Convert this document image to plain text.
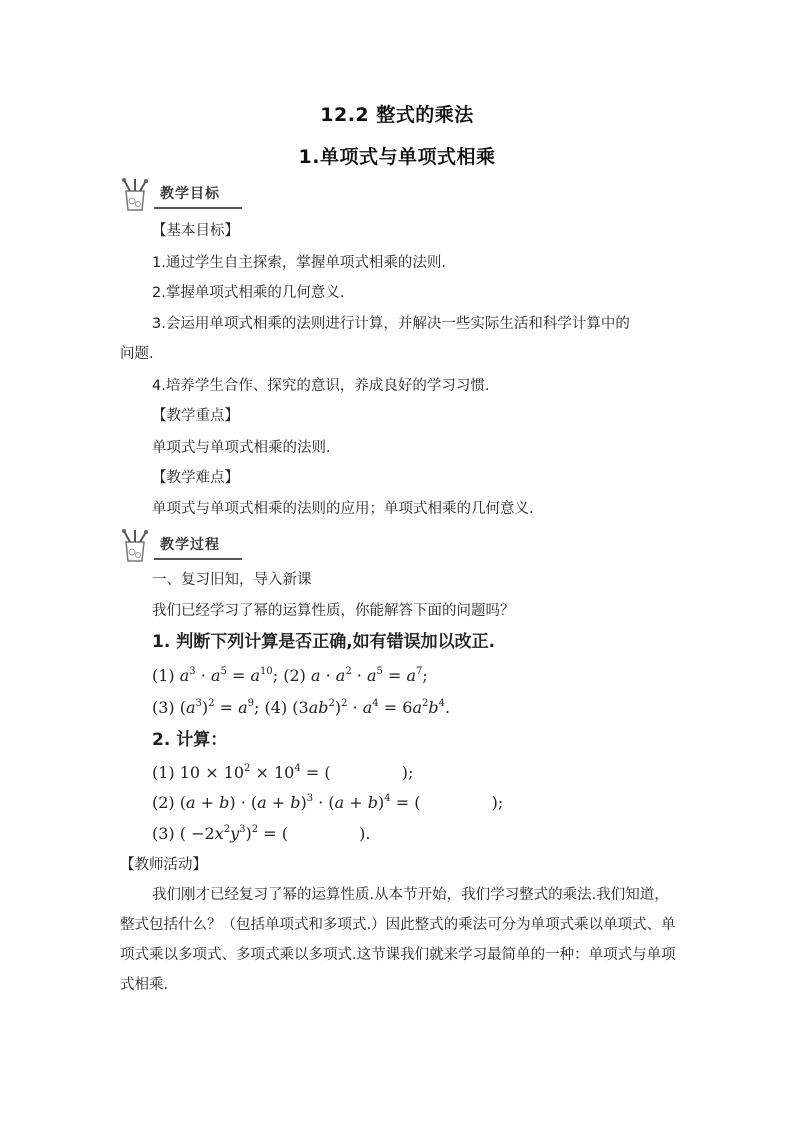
12.2 整式的乘法
1.单项式与单项式相乘
教学目标
【基本目标】
1.通过学生自主探索，掌握单项式相乘的法则.
2.掌握单项式相乘的几何意义.
3.会运用单项式相乘的法则进行计算，并解决一些实际生活和科学计算中的
问题.
4.培养学生合作、探究的意识，养成良好的学习习惯.
【教学重点】
单项式与单项式相乘的法则.
【教学难点】
单项式与单项式相乘的法则的应用；单项式相乘的几何意义.
教学过程
一、复习旧知，导入新课
我们已经学习了幂的运算性质，你能解答下面的问题吗？
1. 判断下列计算是否正确,如有错误加以改正.
(1) $a^3 \cdot a^5 = a^{10}$; (2) $a \cdot a^2 \cdot a^5 = a^7$;
(3) $(a^3)^2 = a^9$; (4) $(3ab^2)^2 \cdot a^4 = 6a^2b^4$.
2. 计算：
(1) $10 \times 10^2 \times 10^4$ = (              );
(2) $(a + b) \cdot (a + b)^3 \cdot (a + b)^4$ = (              );
(3) ( $-2x^2y^3)^2$ = (              ).
【教师活动】
我们刚才已经复习了幂的运算性质.从本节开始，我们学习整式的乘法.我们知道，整式包括什么？（包括单项式和多项式.）因此整式的乘法可分为单项式乘以单项式、单项式乘以多项式、多项式乘以多项式.这节课我们就来学习最简单的一种：单项式与单项式相乘.
